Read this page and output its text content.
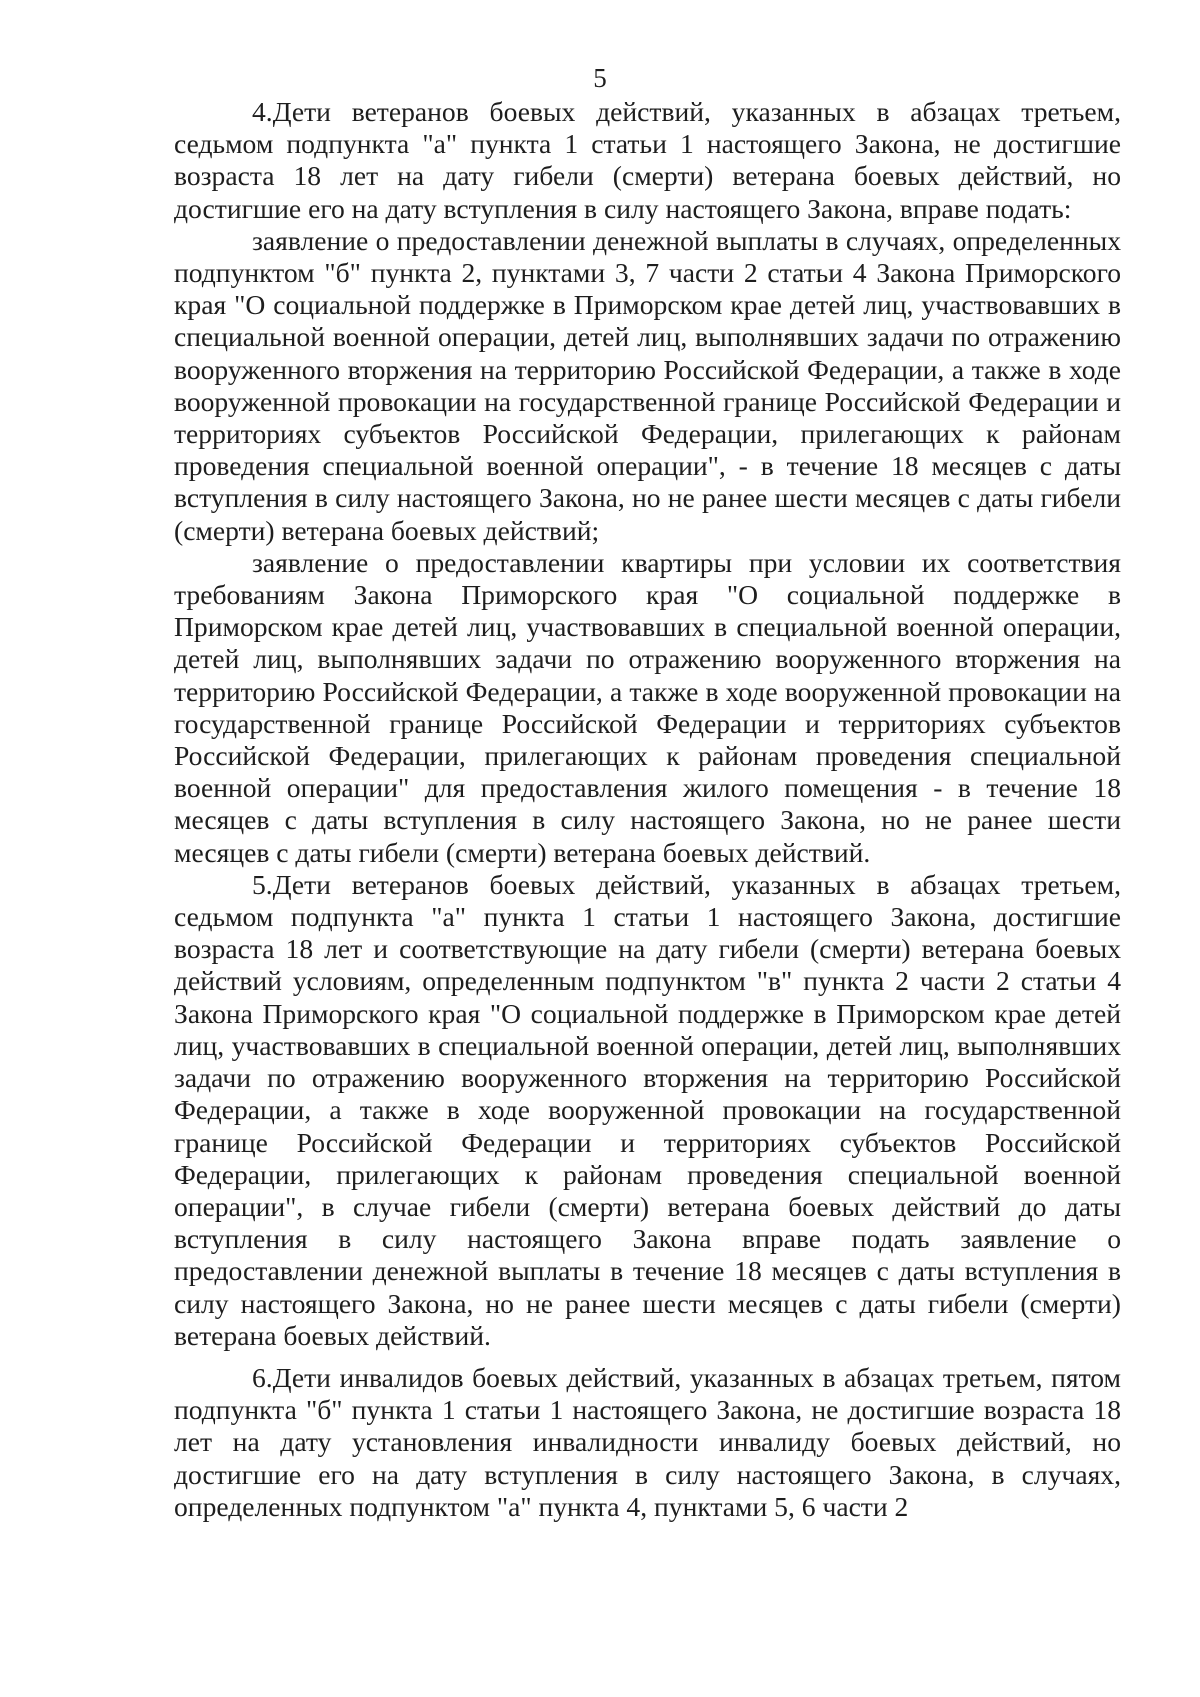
5

4.Дети ветеранов боевых действий, указанных в абзацах третьем, седьмом подпункта "а" пункта 1 статьи 1 настоящего Закона, не достигшие возраста 18 лет на дату гибели (смерти) ветерана боевых действий, но достигшие его на дату вступления в силу настоящего Закона, вправе подать:

заявление о предоставлении денежной выплаты в случаях, определенных подпунктом "б" пункта 2, пунктами 3, 7 части 2 статьи 4 Закона Приморского края "О социальной поддержке в Приморском крае детей лиц, участвовавших в специальной военной операции, детей лиц, выполнявших задачи по отражению вооруженного вторжения на территорию Российской Федерации, а также в ходе вооруженной провокации на государственной границе Российской Федерации и территориях субъектов Российской Федерации, прилегающих к районам проведения специальной военной операции", - в течение 18 месяцев с даты вступления в силу настоящего Закона, но не ранее шести месяцев с даты гибели (смерти) ветерана боевых действий;

заявление о предоставлении квартиры при условии их соответствия требованиям Закона Приморского края "О социальной поддержке в Приморском крае детей лиц, участвовавших в специальной военной операции, детей лиц, выполнявших задачи по отражению вооруженного вторжения на территорию Российской Федерации, а также в ходе вооруженной провокации на государственной границе Российской Федерации и территориях субъектов Российской Федерации, прилегающих к районам проведения специальной военной операции" для предоставления жилого помещения - в течение 18 месяцев с даты вступления в силу настоящего Закона, но не ранее шести месяцев с даты гибели (смерти) ветерана боевых действий.

5.Дети ветеранов боевых действий, указанных в абзацах третьем, седьмом подпункта "а" пункта 1 статьи 1 настоящего Закона, достигшие возраста 18 лет и соответствующие на дату гибели (смерти) ветерана боевых действий условиям, определенным подпунктом "в" пункта 2 части 2 статьи 4 Закона Приморского края "О социальной поддержке в Приморском крае детей лиц, участвовавших в специальной военной операции, детей лиц, выполнявших задачи по отражению вооруженного вторжения на территорию Российской Федерации, а также в ходе вооруженной провокации на государственной границе Российской Федерации и территориях субъектов Российской Федерации, прилегающих к районам проведения специальной военной операции", в случае гибели (смерти) ветерана боевых действий до даты вступления в силу настоящего Закона вправе подать заявление о предоставлении денежной выплаты в течение 18 месяцев с даты вступления в силу настоящего Закона, но не ранее шести месяцев с даты гибели (смерти) ветерана боевых действий.

6.Дети инвалидов боевых действий, указанных в абзацах третьем, пятом подпункта "б" пункта 1 статьи 1 настоящего Закона, не достигшие возраста 18 лет на дату установления инвалидности инвалиду боевых действий, но достигшие его на дату вступления в силу настоящего Закона, в случаях, определенных подпунктом "а" пункта 4, пунктами 5, 6 части 2
